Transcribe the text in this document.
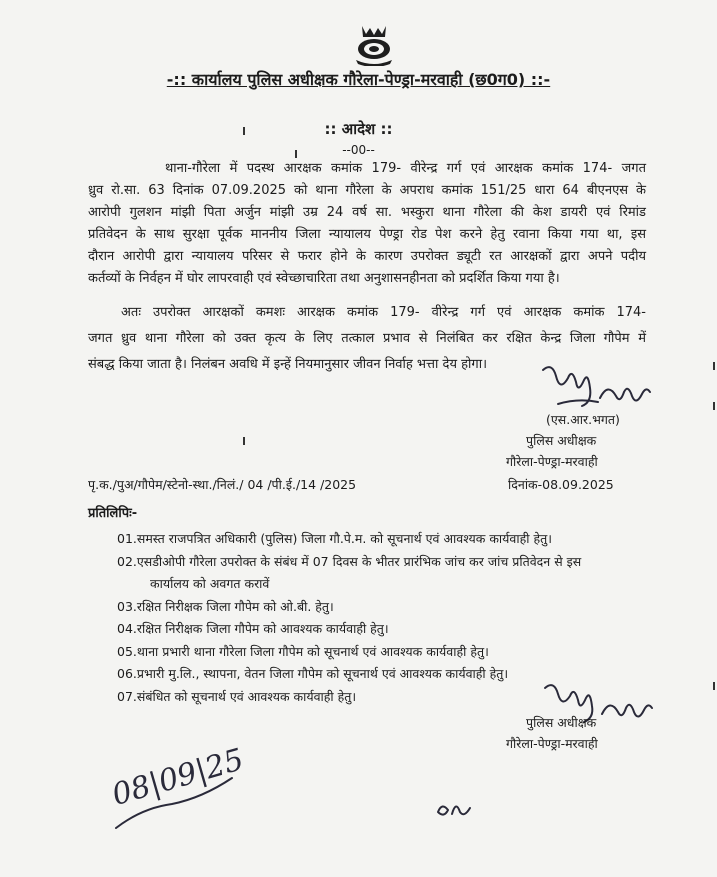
-:: कार्यालय पुलिस अधीक्षक गौरेला-पेण्ड्रा-मरवाही (छ0ग0) ::-
:: आदेश ::
--00--
थाना-गौरेला में पदस्थ आरक्षक कमांक 179- वीरेन्द्र गर्ग एवं आरक्षक कमांक 174- जगत
ध्रुव रो.सा. 63 दिनांक 07.09.2025 को थाना गौरेला के अपराध कमांक 151/25 धारा 64 बीएनएस के
आरोपी गुलशन मांझी पिता अर्जुन मांझी उम्र 24 वर्ष सा. भस्कुरा थाना गौरेला की केश डायरी एवं रिमांड
प्रतिवेदन के साथ सुरक्षा पूर्वक माननीय जिला न्यायालय पेण्ड्रा रोड पेश करने हेतु रवाना किया गया था, इस
दौरान आरोपी द्वारा न्यायालय परिसर से फरार होने के कारण उपरोक्त ड्यूटी रत आरक्षकों द्वारा अपने पदीय
कर्तव्यों के निर्वहन में घोर लापरवाही एवं स्वेच्छाचारिता तथा अनुशासनहीनता को प्रदर्शित किया गया है।
अतः उपरोक्त आरक्षकों कमशः आरक्षक कमांक 179- वीरेन्द्र गर्ग एवं आरक्षक कमांक 174-
जगत ध्रुव थाना गौरेला को उक्त कृत्य के लिए तत्काल प्रभाव से निलंबित कर रक्षित केन्द्र जिला गौपेम में
संबद्ध किया जाता है। निलंबन अवधि में इन्हें नियमानुसार जीवन निर्वाह भत्ता देय होगा।
(एस.आर.भगत)
पुलिस अधीक्षक
गौरेला-पेण्ड्रा-मरवाही
पृ.क./पुअ/गौपेम/स्टेनो-स्था./निलं./ 04 /पी.ई./14 /2025	दिनांक-08.09.2025
प्रतिलिपिः-
01.समस्त राजपत्रित अधिकारी (पुलिस) जिला गौ.पे.म. को सूचनार्थ एवं आवश्यक कार्यवाही हेतु।
02.एसडीओपी गौरेला उपरोक्त के संबंध में 07 दिवस के भीतर प्रारंभिक जांच कर जांच प्रतिवेदन से इस
कार्यालय को अवगत करावें
03.रक्षित निरीक्षक जिला गौपेम को ओ.बी. हेतु।
04.रक्षित निरीक्षक जिला गौपेम को आवश्यक कार्यवाही हेतु।
05.थाना प्रभारी थाना गौरेला जिला गौपेम को सूचनार्थ एवं आवश्यक कार्यवाही हेतु।
06.प्रभारी मु.लि., स्थापना, वेतन जिला गौपेम को सूचनार्थ एवं आवश्यक कार्यवाही हेतु।
07.संबंधित को सूचनार्थ एवं आवश्यक कार्यवाही हेतु।
पुलिस अधीक्षक
गौरेला-पेण्ड्रा-मरवाही
08|09|25
